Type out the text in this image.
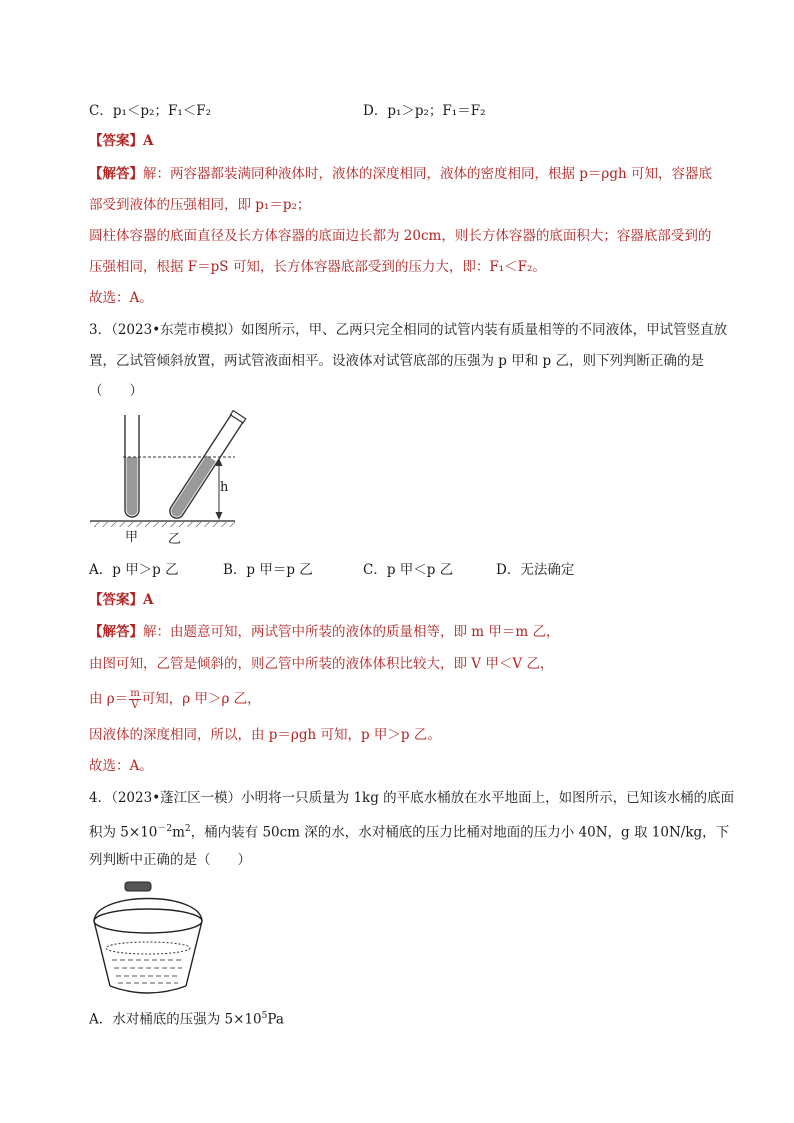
C．p₁＜p₂；F₁＜F₂	D．p₁＞p₂；F₁＝F₂
【答案】A
【解答】解：两容器都装满同种液体时，液体的深度相同，液体的密度相同，根据 p＝ρgh 可知，容器底
部受到液体的压强相同，即 p₁＝p₂；
圆柱体容器的底面直径及长方体容器的底面边长都为 20cm，则长方体容器的底面积大；容器底部受到的
压强相同，根据 F＝pS 可知，长方体容器底部受到的压力大，即：F₁＜F₂。
故选：A。
3．（2023•东莞市模拟）如图所示，甲、乙两只完全相同的试管内装有质量相等的不同液体，甲试管竖直放
置，乙试管倾斜放置，两试管液面相平。设液体对试管底部的压强为 p 甲和 p 乙，则下列判断正确的是
（　　）
h
甲 乙
A．p 甲＞p 乙	B．p 甲＝p 乙	C．p 甲＜p 乙	D．无法确定
【答案】A
【解答】解：由题意可知，两试管中所装的液体的质量相等，即 m 甲＝m 乙，
由图可知，乙管是倾斜的，则乙管中所装的液体体积比较大，即 V 甲＜V 乙，
由 $\rho= \frac{m}{V}$ 可知，ρ 甲＞ρ 乙，
因液体的深度相同，所以，由 p＝ρgh 可知，p 甲＞p 乙。
故选：A。
4．（2023•蓬江区一模）小明将一只质量为 1kg 的平底水桶放在水平地面上，如图所示，已知该水桶的底面
积为 $5\times 10^{-2}m^2$，桶内装有 50cm 深的水，水对桶底的压力比桶对地面的压力小 40N，g 取 10N/kg，下
列判断中正确的是（　　）
A．水对桶底的压强为 $5\times 10^5Pa$
